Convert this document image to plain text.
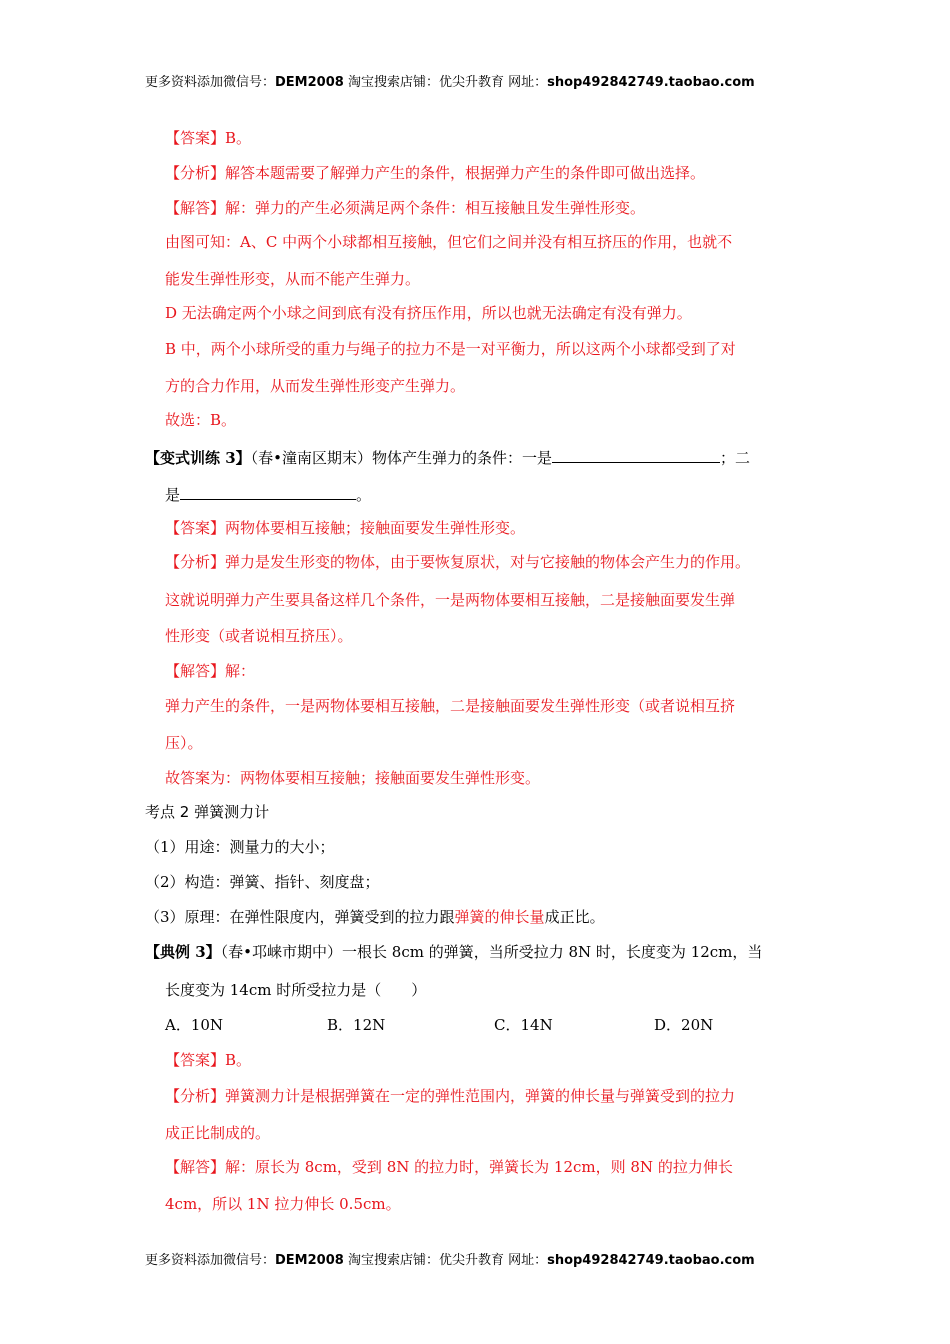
更多资料添加微信号：DEM2008 淘宝搜索店铺：优尖升教育 网址：shop492842749.taobao.com
【答案】B。
【分析】解答本题需要了解弹力产生的条件，根据弹力产生的条件即可做出选择。
【解答】解：弹力的产生必须满足两个条件：相互接触且发生弹性形变。
由图可知：A、C 中两个小球都相互接触，但它们之间并没有相互挤压的作用，也就不
能发生弹性形变，从而不能产生弹力。
D 无法确定两个小球之间到底有没有挤压作用，所以也就无法确定有没有弹力。
B 中，两个小球所受的重力与绳子的拉力不是一对平衡力，所以这两个小球都受到了对
方的合力作用，从而发生弹性形变产生弹力。
故选：B。
【变式训练 3】（春•潼南区期末）物体产生弹力的条件：一是	；二
是	。
【答案】两物体要相互接触；接触面要发生弹性形变。
【分析】弹力是发生形变的物体，由于要恢复原状，对与它接触的物体会产生力的作用。
这就说明弹力产生要具备这样几个条件，一是两物体要相互接触，二是接触面要发生弹
性形变（或者说相互挤压）。
【解答】解：
弹力产生的条件，一是两物体要相互接触，二是接触面要发生弹性形变（或者说相互挤
压）。
故答案为：两物体要相互接触；接触面要发生弹性形变。
考点 2 弹簧测力计
（1）用途：测量力的大小；
（2）构造：弹簧、指针、刻度盘；
（3）原理：在弹性限度内，弹簧受到的拉力跟弹簧的伸长量成正比。
【典例 3】（春•邛崃市期中）一根长 8cm 的弹簧，当所受拉力 8N 时，长度变为 12cm，当
长度变为 14cm 时所受拉力是（　　）
A．10N	B．12N	C．14N	D．20N
【答案】B。
【分析】弹簧测力计是根据弹簧在一定的弹性范围内，弹簧的伸长量与弹簧受到的拉力
成正比制成的。
【解答】解：原长为 8cm，受到 8N 的拉力时，弹簧长为 12cm，则 8N 的拉力伸长
4cm，所以 1N 拉力伸长 0.5cm。
更多资料添加微信号：DEM2008 淘宝搜索店铺：优尖升教育 网址：shop492842749.taobao.com
